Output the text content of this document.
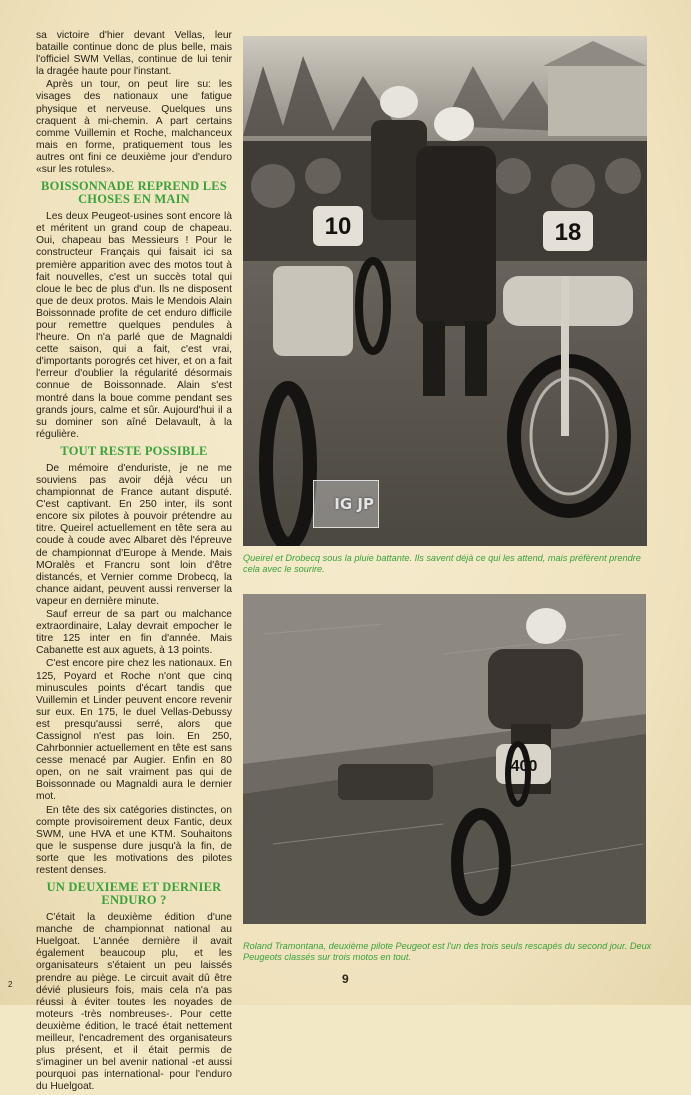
sa victoire d'hier devant Vellas, leur bataille continue donc de plus belle, mais l'officiel SWM Vellas, continue de lui tenir la dragée haute pour l'instant.

Après un tour, on peut lire su: les visages des nationaux une fatigue physique et nerveuse. Quelques uns craquent à mi-chemin. A part certains comme Vuillemin et Roche, malchanceux mais en forme, pratiquement tous les autres ont fini ce deuxième jour d'enduro «sur les rotules».

BOISSONNADE REPREND LES CHOSES EN MAIN

Les deux Peugeot-usines sont encore là et méritent un grand coup de chapeau. Oui, chapeau bas Messieurs ! Pour le constructeur Français qui faisait ici sa première apparition avec des motos tout à fait nouvelles, c'est un succès total qui cloue le bec de plus d'un. Ils ne disposent que de deux protos. Mais le Mendois Alain Boissonnade profite de cet enduro difficile pour remettre quelques pendules à l'heure. On n'a parlé que de Magnaldi cette saison, qui a fait, c'est vrai, d'importants porogrés cet hiver, et on a fait l'erreur d'oublier la régularité désormais connue de Boissonnade. Alain s'est montré dans la boue comme pendant ses grands jours, calme et sûr. Aujourd'hui il a su dominer son aîné Delavault, à la régulière.

TOUT RESTE POSSIBLE

De mémoire d'enduriste, je ne me souviens pas avoir déjà vécu un championnat de France autant disputé. C'est captivant. En 250 inter, ils sont encore six pilotes à pouvoir prétendre au titre. Queirel actuellement en tête sera au coude à coude avec Albaret dès l'épreuve de championnat d'Europe à Mende. Mais MOralès et Francru sont loin d'être distancés, et Vernier comme Drobecq, la chance aidant, peuvent aussi renverser la vapeur en dernière minute.

Sauf erreur de sa part ou malchance extraordinaire, Lalay devrait empocher le titre 125 inter en fin d'année. Mais Cabanette est aux aguets, à 13 points.

C'est encore pire chez les nationaux. En 125, Poyard et Roche n'ont que cinq minuscules points d'écart tandis que Vuillemin et Linder peuvent encore revenir sur eux. En 175, le duel Vellas-Debussy est presqu'aussi serré, alors que Cassignol n'est pas loin. En 250, Cahrbonnier actuellement en tête est sans cesse menacé par Augier. Enfin en 80 open, on ne sait vraiment pas qui de Boissonnade ou Magnaldi aura le dernier mot.

En tête des six catégories distinctes, on compte provisoirement deux Fantic, deux SWM, une HVA et une KTM. Souhaitons que le suspense dure jusqu'à la fin, de sorte que les motivations des pilotes restent denses.

UN DEUXIEME ET DERNIER ENDURO ?

C'était la deuxième édition d'une manche de championnat national au Huelgoat. L'année dernière il avait également beaucoup plu, et les organisateurs s'étaient un peu laissés prendre au piège. Le circuit avait dû être dévié plusieurs fois, mais cela n'a pas réussi à éviter toutes les noyades de moteurs -très nombreuses-. Pour cette deuxième édition, le tracé était nettement meilleur, l'encadrement des organisateurs plus présent, et il était permis de s'imaginer un bel avenir national -et aussi pourquoi pas international- pour l'enduro du Huelgoat.

10	18
IG JP
Queirel et Drobecq sous la pluie battante. Ils savent déjà ce qui les attend, mais préfèrent prendre cela avec le sourire.
400
Roland Tramontana, deuxième pilote Peugeot est l'un des trois seuls rescapés du second jour. Deux Peugeots classés sur trois motos en tout.
2	9
